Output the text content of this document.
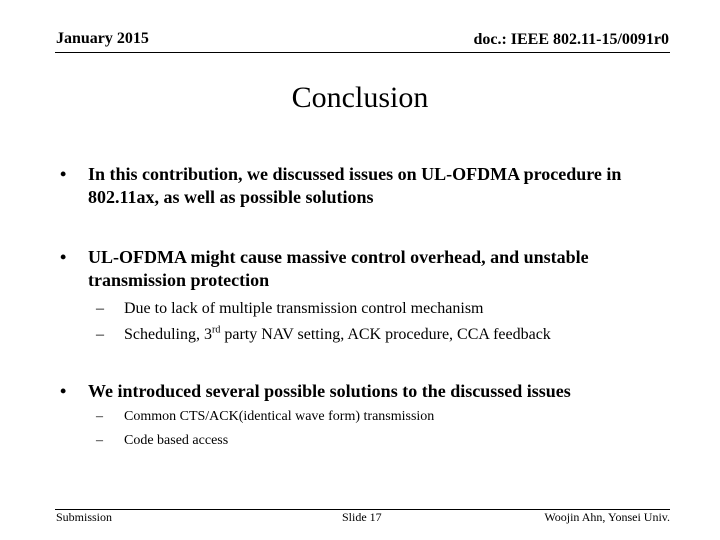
January 2015	doc.: IEEE 802.11-15/0091r0
Conclusion
• In this contribution, we discussed issues on UL-OFDMA procedure in 802.11ax, as well as possible solutions
• UL-OFDMA might cause massive control overhead, and unstable transmission protection
– Due to lack of multiple transmission control mechanism
– Scheduling, 3rd party NAV setting, ACK procedure, CCA feedback
• We introduced several possible solutions to the discussed issues
– Common CTS/ACK(identical wave form) transmission
– Code based access
Submission	Slide 17	Woojin Ahn, Yonsei Univ.
